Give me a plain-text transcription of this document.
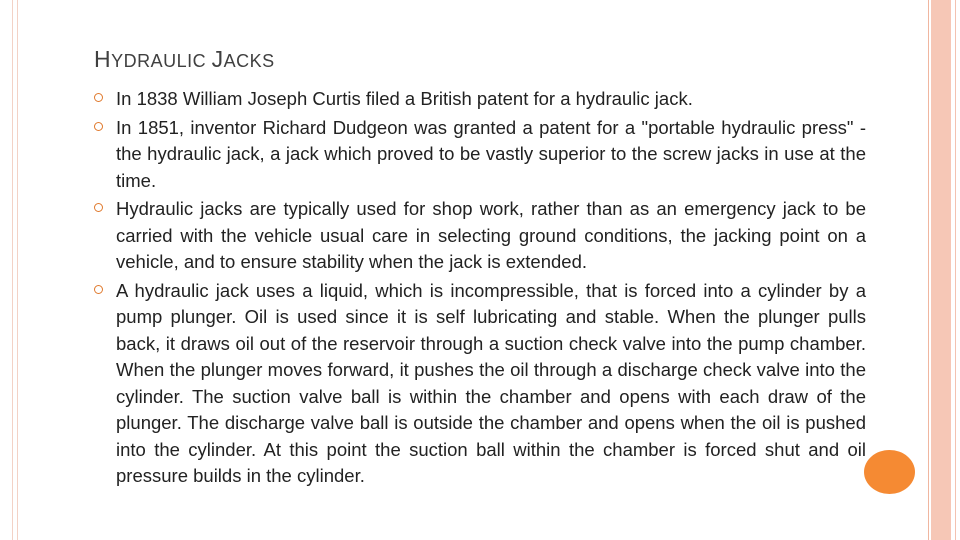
HYDRAULIC JACKS
In 1838 William Joseph Curtis filed a British patent for a hydraulic jack.
In 1851, inventor Richard Dudgeon was granted a patent for a "portable hydraulic press" - the hydraulic jack, a jack which proved to be vastly superior to the screw jacks in use at the time.
Hydraulic jacks are typically used for shop work, rather than as an emergency jack to be carried with the vehicle usual care in selecting ground conditions, the jacking point on a vehicle, and to ensure stability when the jack is extended.
A hydraulic jack uses a liquid, which is incompressible, that is forced into a cylinder by a pump plunger. Oil is used since it is self lubricating and stable. When the plunger pulls back, it draws oil out of the reservoir through a suction check valve into the pump chamber. When the plunger moves forward, it pushes the oil through a discharge check valve into the cylinder. The suction valve ball is within the chamber and opens with each draw of the plunger. The discharge valve ball is outside the chamber and opens when the oil is pushed into the cylinder. At this point the suction ball within the chamber is forced shut and oil pressure builds in the cylinder.
